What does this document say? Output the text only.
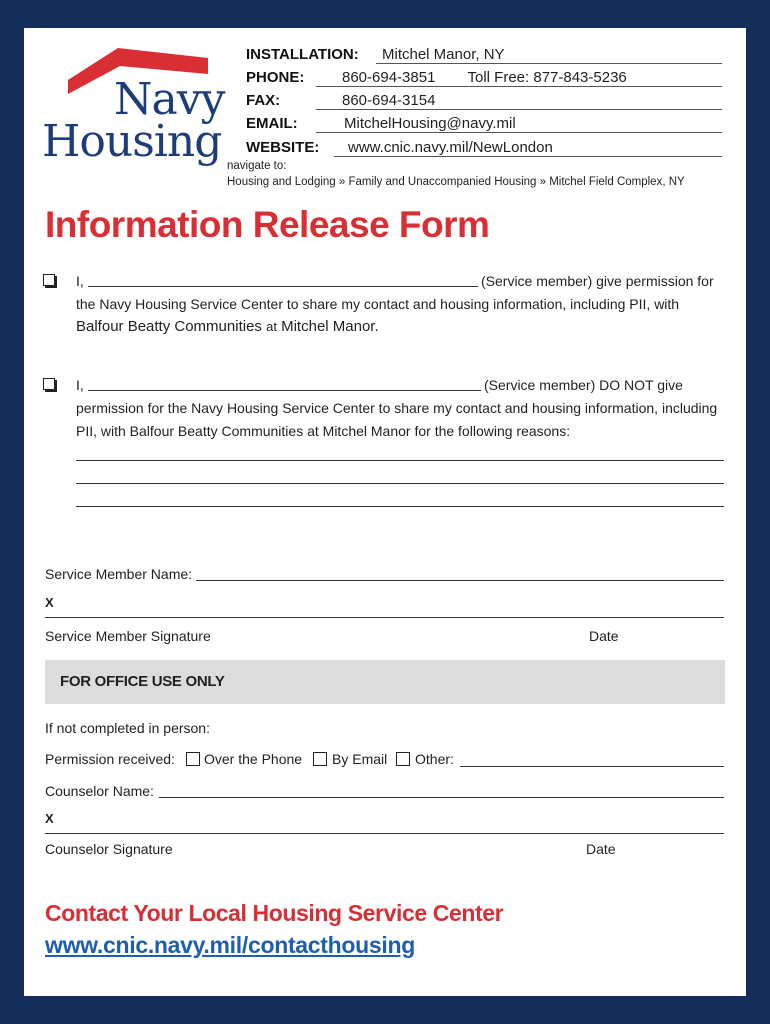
Navy
Housing
INSTALLATION:	Mitchel Manor, NY
PHONE:	860-694-3851 Toll Free: 877-843-5236
FAX:	860-694-3154
EMAIL:	MitchelHousing@navy.mil
WEBSITE:	www.cnic.navy.mil/NewLondon
navigate to:
Housing and Lodging » Family and Unaccompanied Housing » Mitchel Field Complex, NY
Information Release Form
I,	(Service member) give permission for
the Navy Housing Service Center to share my contact and housing information, including PII, with
Balfour Beatty Communities at Mitchel Manor.
I,	(Service member) DO NOT give
permission for the Navy Housing Service Center to share my contact and housing information, including
PII, with Balfour Beatty Communities at Mitchel Manor for the following reasons:
Service Member Name:
X
Service Member Signature	Date
FOR OFFICE USE ONLY
If not completed in person:
Permission received: Over the Phone By Email Other:
Counselor Name:
X
Counselor Signature	Date
Contact Your Local Housing Service Center
www.cnic.navy.mil/contacthousing
